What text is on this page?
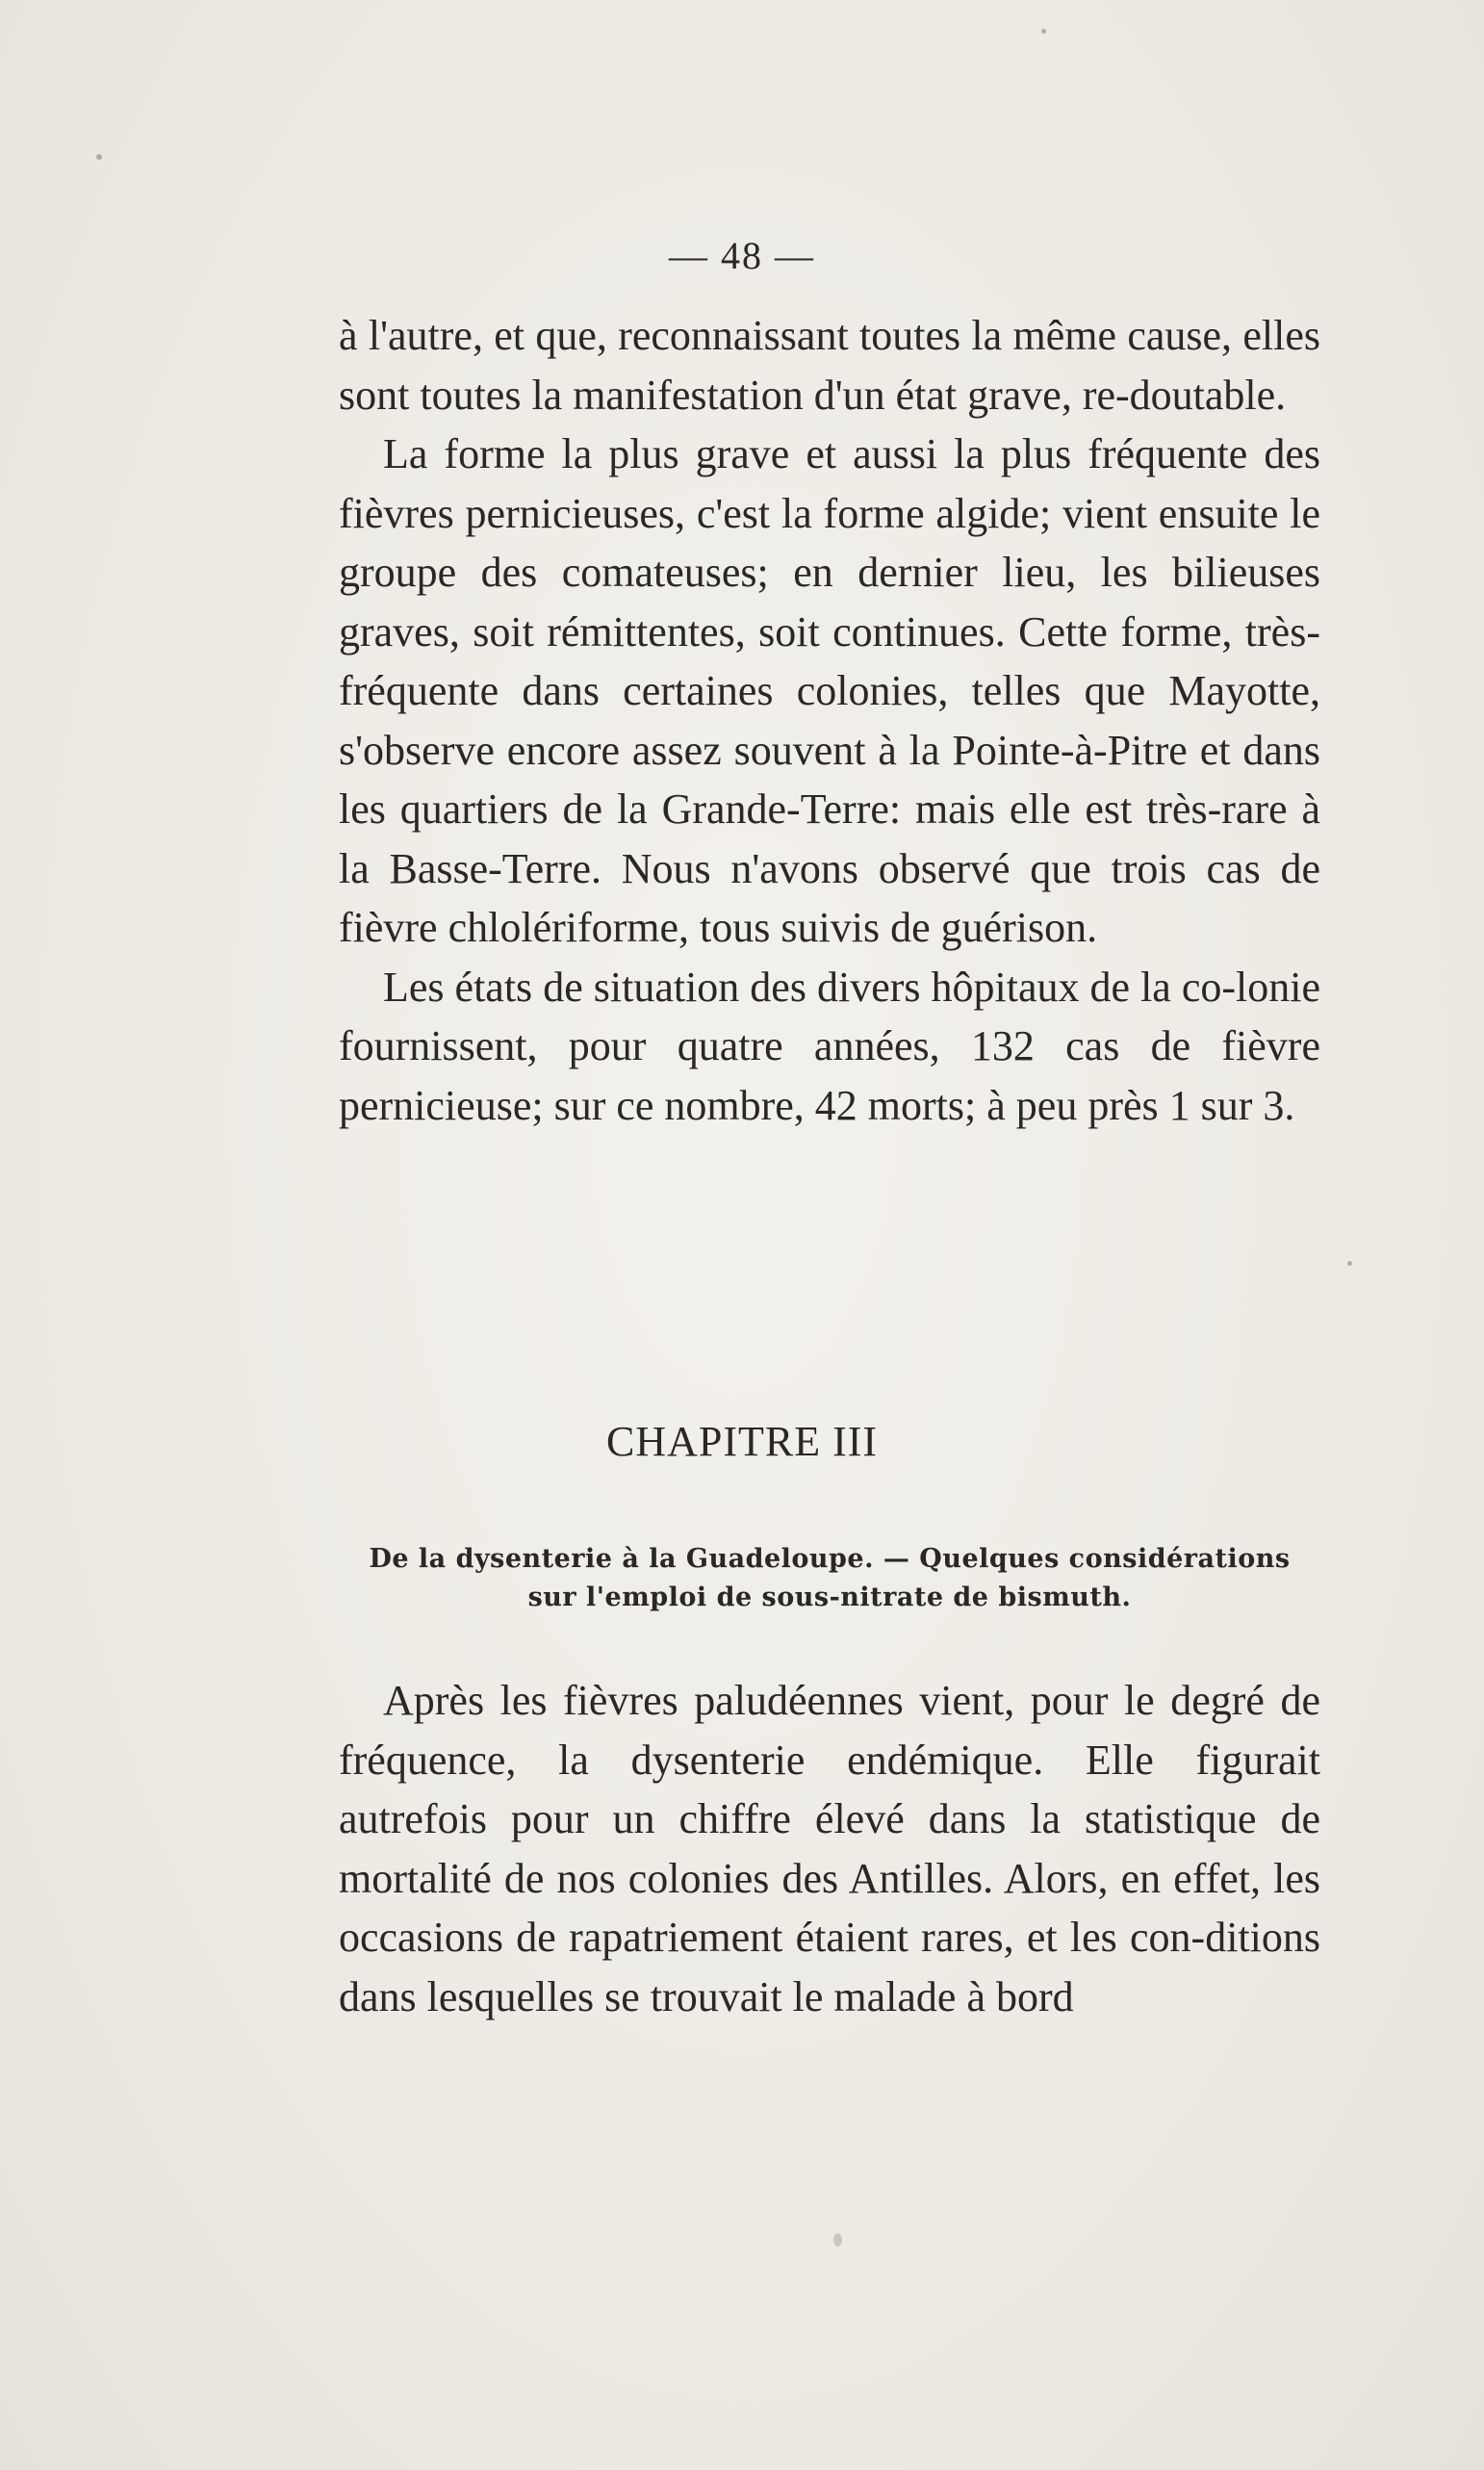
— 48 —

à l'autre, et que, reconnaissant toutes la même cause, elles sont toutes la manifestation d'un état grave, re-doutable.

La forme la plus grave et aussi la plus fréquente des fièvres pernicieuses, c'est la forme algide; vient ensuite le groupe des comateuses; en dernier lieu, les bilieuses graves, soit rémittentes, soit continues. Cette forme, très-fréquente dans certaines colonies, telles que Mayotte, s'observe encore assez souvent à la Pointe-à-Pitre et dans les quartiers de la Grande-Terre: mais elle est très-rare à la Basse-Terre. Nous n'avons observé que trois cas de fièvre chlolériforme, tous suivis de guérison.

Les états de situation des divers hôpitaux de la co-lonie fournissent, pour quatre années, 132 cas de fièvre pernicieuse; sur ce nombre, 42 morts; à peu près 1 sur 3.

CHAPITRE III
De la dysenterie à la Guadeloupe. — Quelques considérations
sur l'emploi de sous-nitrate de bismuth.

Après les fièvres paludéennes vient, pour le degré de fréquence, la dysenterie endémique. Elle figurait autrefois pour un chiffre élevé dans la statistique de mortalité de nos colonies des Antilles. Alors, en effet, les occasions de rapatriement étaient rares, et les con-ditions dans lesquelles se trouvait le malade à bord
